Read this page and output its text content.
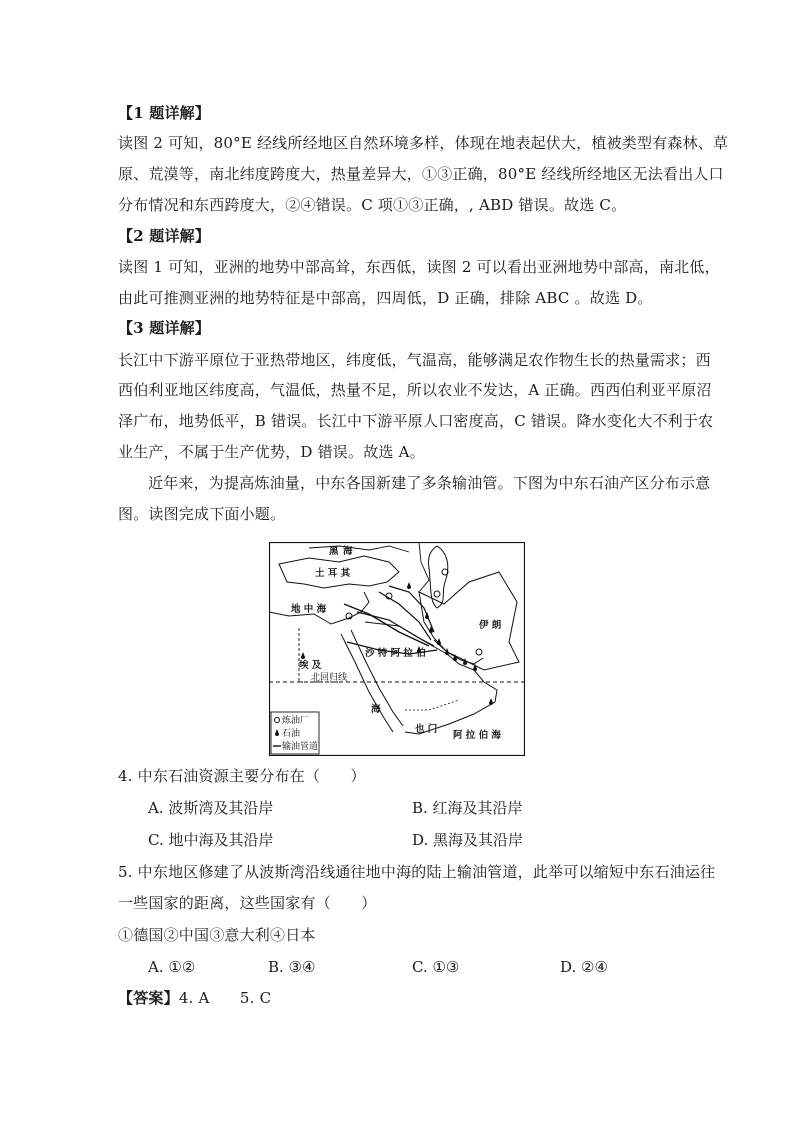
【1 题详解】
读图 2 可知，80°E 经线所经地区自然环境多样，体现在地表起伏大，植被类型有森林、草
原、荒漠等，南北纬度跨度大，热量差异大，①③正确，80°E 经线所经地区无法看出人口
分布情况和东西跨度大，②④错误。C 项①③正确，, ABD 错误。故选 C。
【2 题详解】
读图 1 可知，亚洲的地势中部高耸，东西低，读图 2 可以看出亚洲地势中部高，南北低，
由此可推测亚洲的地势特征是中部高，四周低，D 正确，排除 ABC 。故选 D。
【3 题详解】
长江中下游平原位于亚热带地区，纬度低，气温高，能够满足农作物生长的热量需求；西
西伯利亚地区纬度高，气温低，热量不足，所以农业不发达，A 正确。西西伯利亚平原沼
泽广布，地势低平，B 错误。长江中下游平原人口密度高，C 错误。降水变化大不利于农
业生产，不属于生产优势，D 错误。故选 A。
近年来，为提高炼油量，中东各国新建了多条输油管。下图为中东石油产区分布示意
图。读图完成下面小题。
黑 海
土 耳 其
地 中 海
埃 及
沙 特 阿 拉 伯
伊 朗
北回归线
海
也 门
阿 拉 伯 海
炼油厂
石油
输油管道
4. 中东石油资源主要分布在（　　）
A. 波斯湾及其沿岸	B. 红海及其沿岸
C. 地中海及其沿岸	D. 黑海及其沿岸
5. 中东地区修建了从波斯湾沿线通往地中海的陆上输油管道，此举可以缩短中东石油运往
一些国家的距离，这些国家有（　　）
①德国②中国③意大利④日本
A. ①②	B. ③④	C. ①③	D. ②④
【答案】4. A　　5. C
